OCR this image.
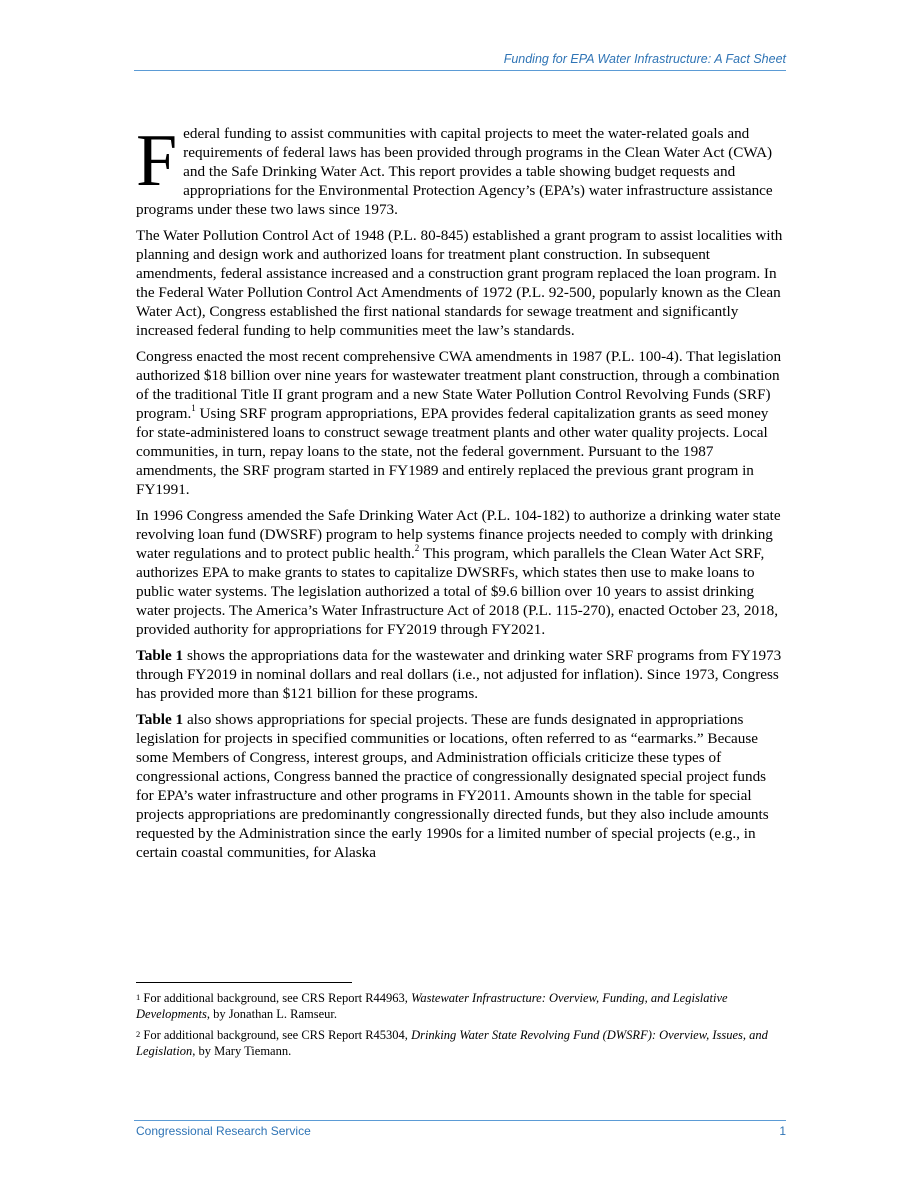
Funding for EPA Water Infrastructure: A Fact Sheet

Federal funding to assist communities with capital projects to meet the water-related goals and requirements of federal laws has been provided through programs in the Clean Water Act (CWA) and the Safe Drinking Water Act. This report provides a table showing budget requests and appropriations for the Environmental Protection Agency’s (EPA’s) water infrastructure assistance programs under these two laws since 1973.

The Water Pollution Control Act of 1948 (P.L. 80-845) established a grant program to assist localities with planning and design work and authorized loans for treatment plant construction. In subsequent amendments, federal assistance increased and a construction grant program replaced the loan program. In the Federal Water Pollution Control Act Amendments of 1972 (P.L. 92-500, popularly known as the Clean Water Act), Congress established the first national standards for sewage treatment and significantly increased federal funding to help communities meet the law’s standards.

Congress enacted the most recent comprehensive CWA amendments in 1987 (P.L. 100-4). That legislation authorized $18 billion over nine years for wastewater treatment plant construction, through a combination of the traditional Title II grant program and a new State Water Pollution Control Revolving Funds (SRF) program.$^1$ Using SRF program appropriations, EPA provides federal capitalization grants as seed money for state-administered loans to construct sewage treatment plants and other water quality projects. Local communities, in turn, repay loans to the state, not the federal government. Pursuant to the 1987 amendments, the SRF program started in FY1989 and entirely replaced the previous grant program in FY1991.

In 1996 Congress amended the Safe Drinking Water Act (P.L. 104-182) to authorize a drinking water state revolving loan fund (DWSRF) program to help systems finance projects needed to comply with drinking water regulations and to protect public health.$^2$ This program, which parallels the Clean Water Act SRF, authorizes EPA to make grants to states to capitalize DWSRFs, which states then use to make loans to public water systems. The legislation authorized a total of $9.6 billion over 10 years to assist drinking water projects. The America’s Water Infrastructure Act of 2018 (P.L. 115-270), enacted October 23, 2018, provided authority for appropriations for FY2019 through FY2021.

Table 1 shows the appropriations data for the wastewater and drinking water SRF programs from FY1973 through FY2019 in nominal dollars and real dollars (i.e., not adjusted for inflation). Since 1973, Congress has provided more than $121 billion for these programs.

Table 1 also shows appropriations for special projects. These are funds designated in appropriations legislation for projects in specified communities or locations, often referred to as “earmarks.” Because some Members of Congress, interest groups, and Administration officials criticize these types of congressional actions, Congress banned the practice of congressionally designated special project funds for EPA’s water infrastructure and other programs in FY2011. Amounts shown in the table for special projects appropriations are predominantly congressionally directed funds, but they also include amounts requested by the Administration since the early 1990s for a limited number of special projects (e.g., in certain coastal communities, for Alaska

$^1$ For additional background, see CRS Report R44963, Wastewater Infrastructure: Overview, Funding, and Legislative Developments, by Jonathan L. Ramseur.

$^2$ For additional background, see CRS Report R45304, Drinking Water State Revolving Fund (DWSRF): Overview, Issues, and Legislation, by Mary Tiemann.

Congressional Research Service	1
